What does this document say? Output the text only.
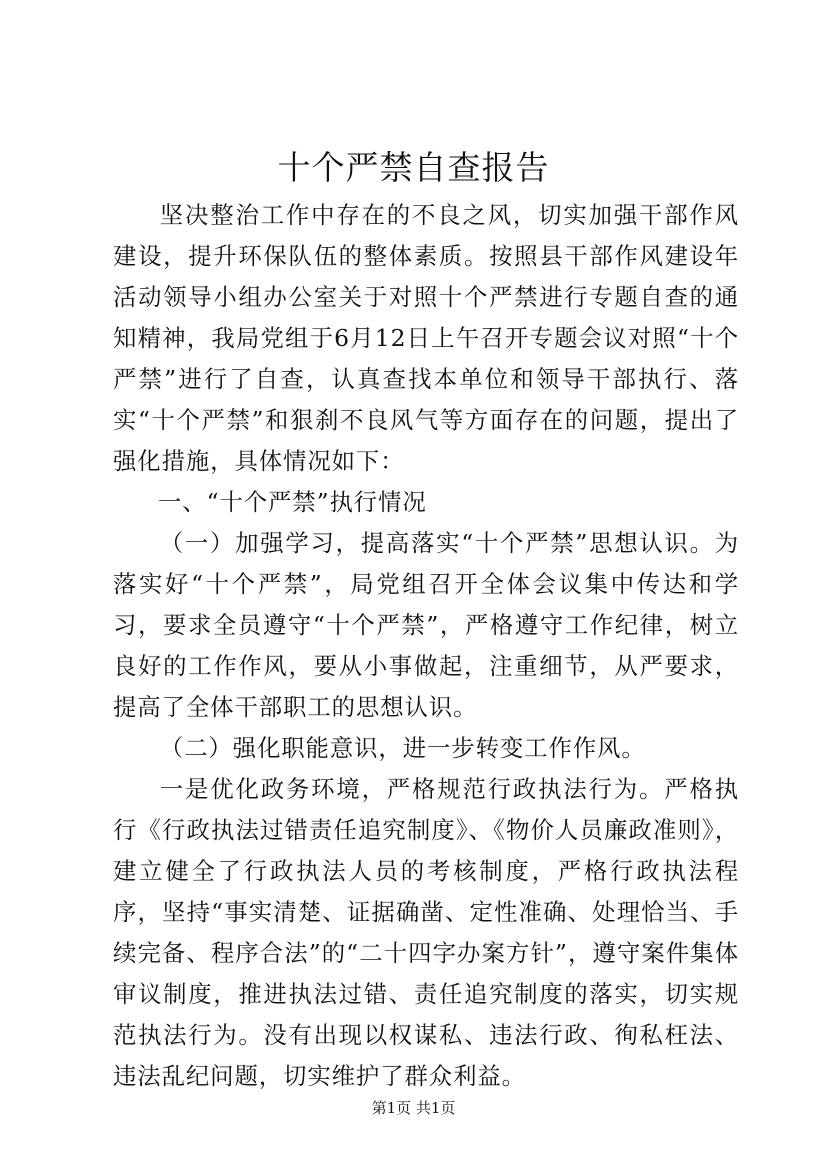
十个严禁自查报告

坚决整治工作中存在的不良之风，切实加强干部作风建设，提升环保队伍的整体素质。按照县干部作风建设年活动领导小组办公室关于对照十个严禁进行专题自查的通知精神，我局党组于6月12日上午召开专题会议对照“十个严禁”进行了自查，认真查找本单位和领导干部执行、落实“十个严禁”和狠刹不良风气等方面存在的问题，提出了强化措施，具体情况如下：

一、“十个严禁”执行情况

（一）加强学习，提高落实“十个严禁”思想认识。为落实好“十个严禁”，局党组召开全体会议集中传达和学习，要求全员遵守“十个严禁”，严格遵守工作纪律，树立良好的工作作风，要从小事做起，注重细节，从严要求，提高了全体干部职工的思想认识。

（二）强化职能意识，进一步转变工作作风。

一是优化政务环境，严格规范行政执法行为。严格执行《行政执法过错责任追究制度》、《物价人员廉政准则》，建立健全了行政执法人员的考核制度，严格行政执法程序，坚持“事实清楚、证据确凿、定性准确、处理恰当、手续完备、程序合法”的“二十四字办案方针”，遵守案件集体审议制度，推进执法过错、责任追究制度的落实，切实规范执法行为。没有出现以权谋私、违法行政、徇私枉法、违法乱纪问题，切实维护了群众利益。

第1页 共1页
